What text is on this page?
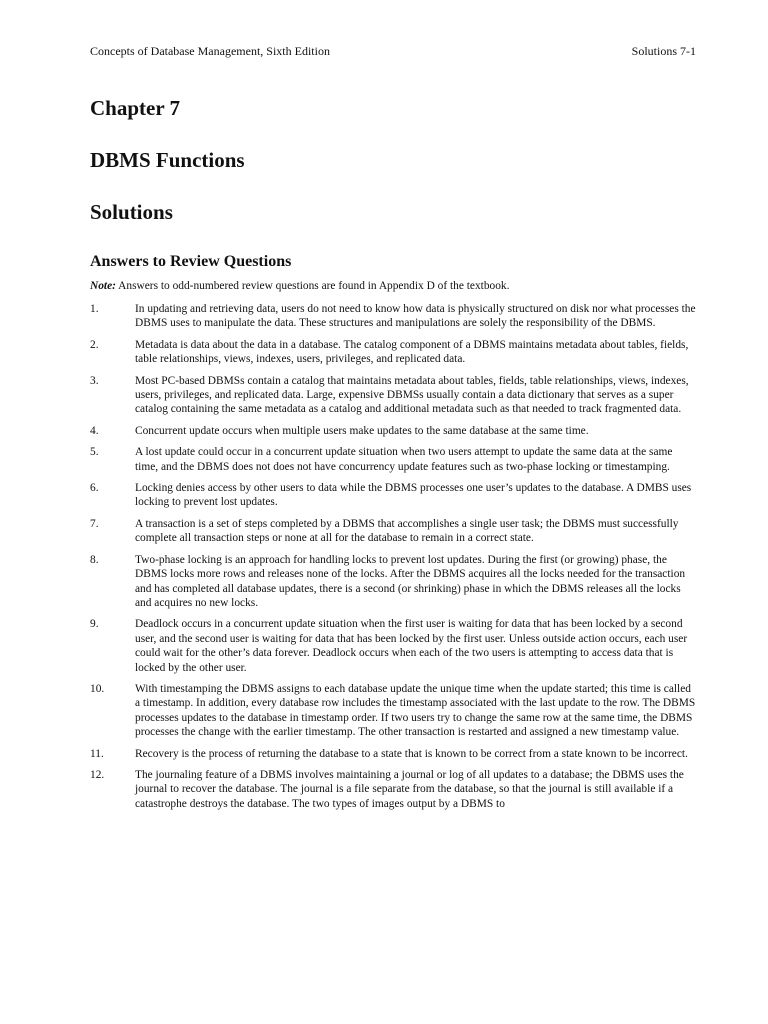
Concepts of Database Management, Sixth Edition	Solutions 7-1
Chapter 7
DBMS Functions
Solutions
Answers to Review Questions

Note: Answers to odd-numbered review questions are found in Appendix D of the textbook.

1.	In updating and retrieving data, users do not need to know how data is physically structured on disk nor what processes the DBMS uses to manipulate the data. These structures and manipulations are solely the responsibility of the DBMS.
2.	Metadata is data about the data in a database. The catalog component of a DBMS maintains metadata about tables, fields, table relationships, views, indexes, users, privileges, and replicated data.
3.	Most PC-based DBMSs contain a catalog that maintains metadata about tables, fields, table relationships, views, indexes, users, privileges, and replicated data. Large, expensive DBMSs usually contain a data dictionary that serves as a super catalog containing the same metadata as a catalog and additional metadata such as that needed to track fragmented data.
4.	Concurrent update occurs when multiple users make updates to the same database at the same time.
5.	A lost update could occur in a concurrent update situation when two users attempt to update the same data at the same time, and the DBMS does not does not have concurrency update features such as two-phase locking or timestamping.
6.	Locking denies access by other users to data while the DBMS processes one user’s updates to the database. A DMBS uses locking to prevent lost updates.
7.	A transaction is a set of steps completed by a DBMS that accomplishes a single user task; the DBMS must successfully complete all transaction steps or none at all for the database to remain in a correct state.
8.	Two-phase locking is an approach for handling locks to prevent lost updates. During the first (or growing) phase, the DBMS locks more rows and releases none of the locks. After the DBMS acquires all the locks needed for the transaction and has completed all database updates, there is a second (or shrinking) phase in which the DBMS releases all the locks and acquires no new locks.
9.	Deadlock occurs in a concurrent update situation when the first user is waiting for data that has been locked by a second user, and the second user is waiting for data that has been locked by the first user. Unless outside action occurs, each user could wait for the other’s data forever. Deadlock occurs when each of the two users is attempting to access data that is locked by the other user.
10.	With timestamping the DBMS assigns to each database update the unique time when the update started; this time is called a timestamp. In addition, every database row includes the timestamp associated with the last update to the row. The DBMS processes updates to the database in timestamp order. If two users try to change the same row at the same time, the DBMS processes the change with the earlier timestamp. The other transaction is restarted and assigned a new timestamp value.
11.	Recovery is the process of returning the database to a state that is known to be correct from a state known to be incorrect.
12.	The journaling feature of a DBMS involves maintaining a journal or log of all updates to a database; the DBMS uses the journal to recover the database. The journal is a file separate from the database, so that the journal is still available if a catastrophe destroys the database. The two types of images output by a DBMS to
